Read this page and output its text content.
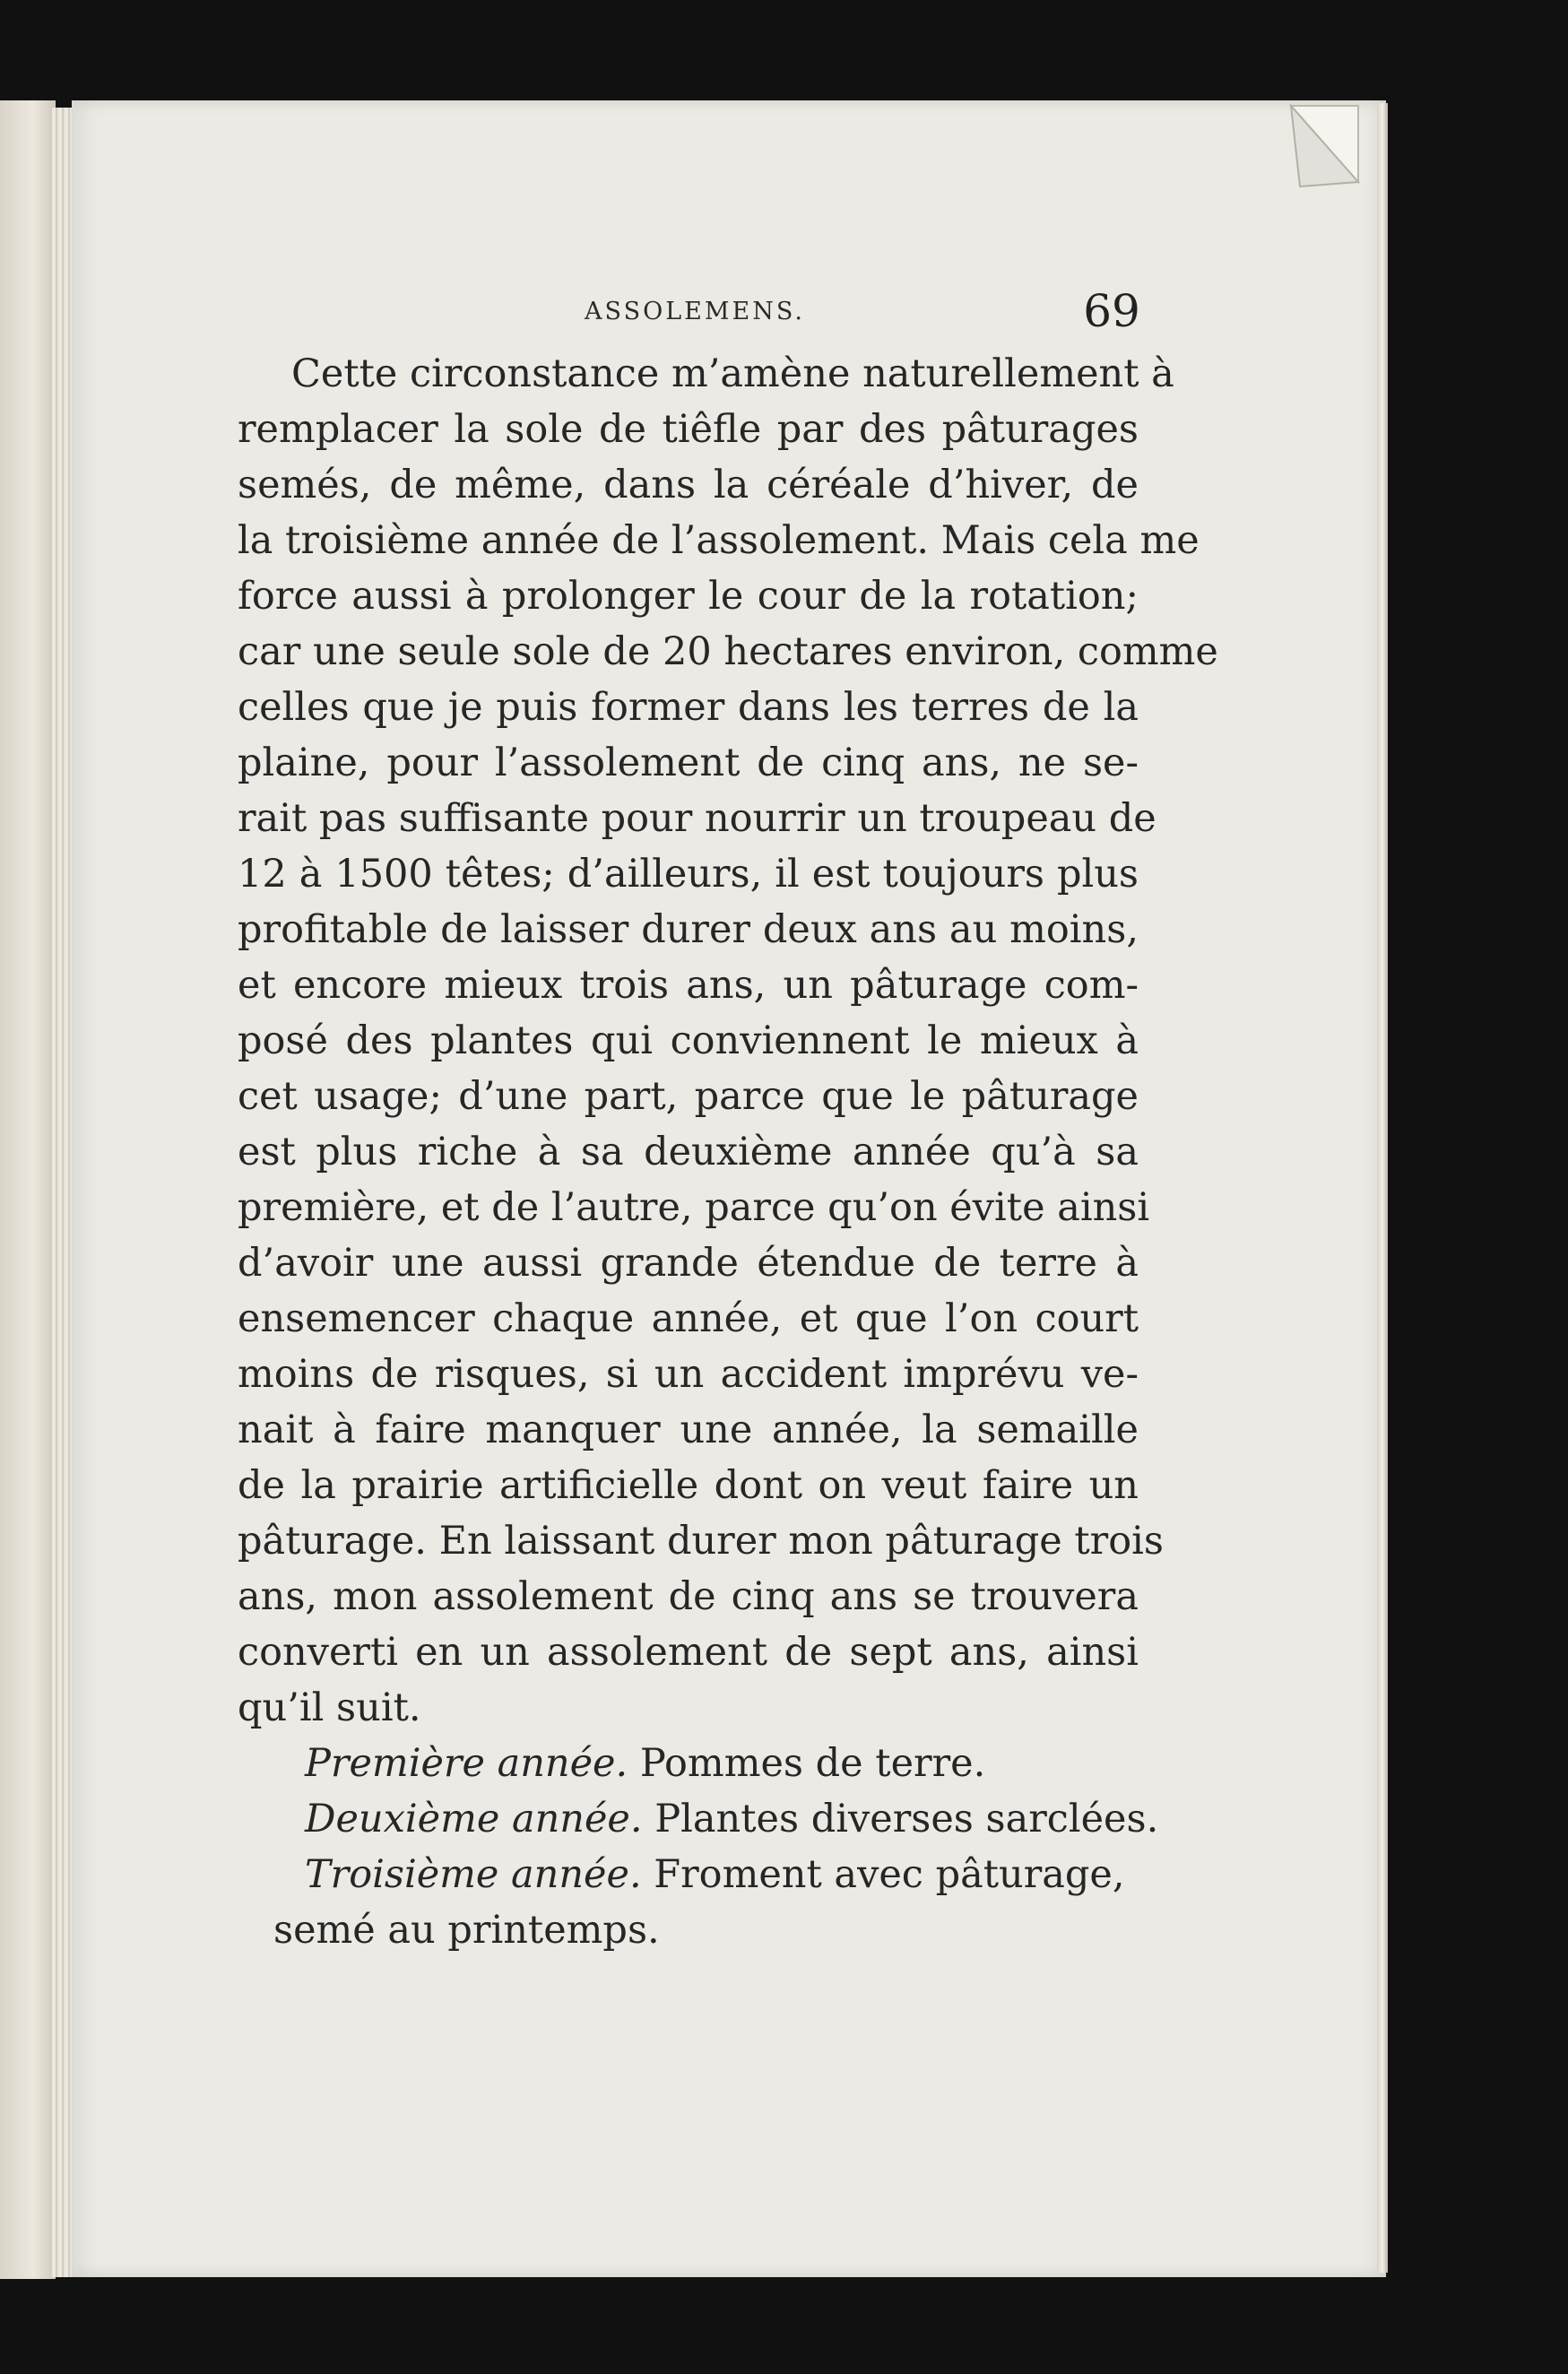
ASSOLEMENS.	69
Cette circonstance m’amène naturellement à
remplacer la sole de tiêfle par des pâturages
semés, de même, dans la céréale d’hiver, de
la troisième année de l’assolement. Mais cela me
force aussi à prolonger le cour de la rotation;
car une seule sole de 20 hectares environ, comme
celles que je puis former dans les terres de la
plaine, pour l’assolement de cinq ans, ne se-
rait pas suffisante pour nourrir un troupeau de
12 à 1500 têtes; d’ailleurs, il est toujours plus
profitable de laisser durer deux ans au moins,
et encore mieux trois ans, un pâturage com-
posé des plantes qui conviennent le mieux à
cet usage; d’une part, parce que le pâturage
est plus riche à sa deuxième année qu’à sa
première, et de l’autre, parce qu’on évite ainsi
d’avoir une aussi grande étendue de terre à
ensemencer chaque année, et que l’on court
moins de risques, si un accident imprévu ve-
nait à faire manquer une année, la semaille
de la prairie artificielle dont on veut faire un
pâturage. En laissant durer mon pâturage trois
ans, mon assolement de cinq ans se trouvera
converti en un assolement de sept ans, ainsi
qu’il suit.
Première année. Pommes de terre.
Deuxième année. Plantes diverses sarclées.
Troisième année. Froment avec pâturage,
semé au printemps.
